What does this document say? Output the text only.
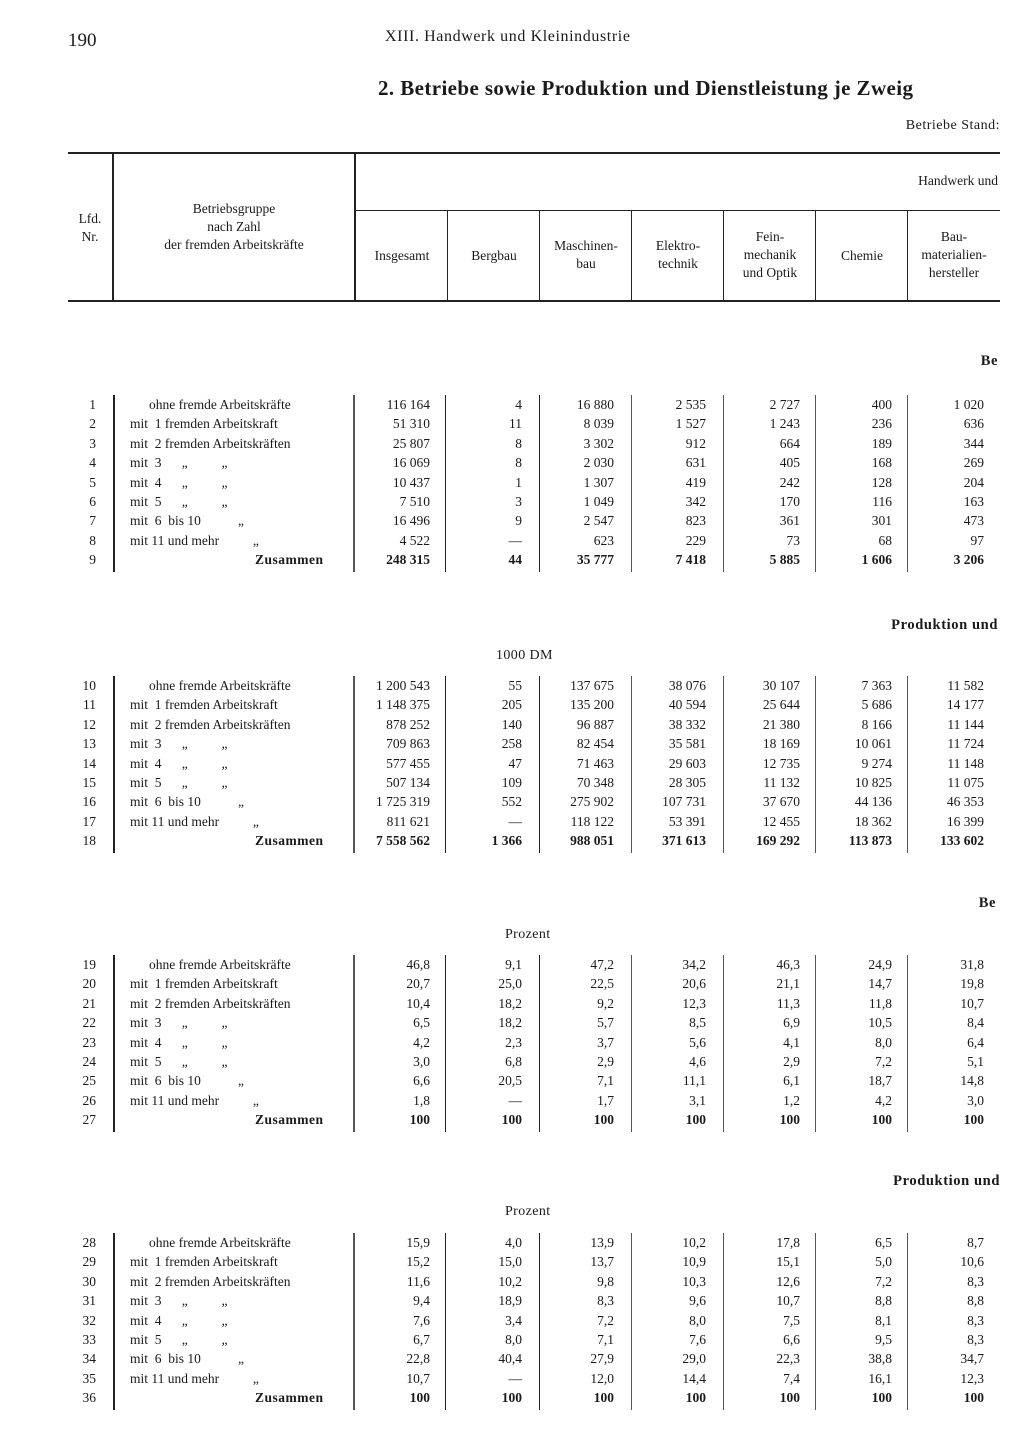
190	XIII. Handwerk und Kleinindustrie
2. Betriebe sowie Produktion und Dienstleistung je Zweig
Betriebe Stand:
Lfd.
Nr.
Betriebsgruppe
nach Zahl
der fremden Arbeitskräfte
Handwerk und
Insgesamt	Bergbau
Maschinen-
bau
Elektro-
technik
Fein-
mechanik
und Optik
Chemie
Bau-
materialien-
hersteller
Be
1	ohne fremde Arbeitskräfte	116 164	4	16 880	2 535	2 727	400	1 020
2	mit  1 fremden Arbeitskraft	51 310	11	8 039	1 527	1 243	236	636
3	mit  2 fremden Arbeitskräften	25 807	8	3 302	912	664	189	344
4	mit  3      „          „	16 069	8	2 030	631	405	168	269
5	mit  4      „          „	10 437	1	1 307	419	242	128	204
6	mit  5      „          „	7 510	3	1 049	342	170	116	163
7	mit  6  bis 10           „	16 496	9	2 547	823	361	301	473
8	mit 11 und mehr          „	4 522	—	623	229	73	68	97
9	Zusammen	248 315	44	35 777	7 418	5 885	1 606	3 206
Produktion und
1000 DM
10	ohne fremde Arbeitskräfte	1 200 543	55	137 675	38 076	30 107	7 363	11 582
11	mit  1 fremden Arbeitskraft	1 148 375	205	135 200	40 594	25 644	5 686	14 177
12	mit  2 fremden Arbeitskräften	878 252	140	96 887	38 332	21 380	8 166	11 144
13	mit  3      „          „	709 863	258	82 454	35 581	18 169	10 061	11 724
14	mit  4      „          „	577 455	47	71 463	29 603	12 735	9 274	11 148
15	mit  5      „          „	507 134	109	70 348	28 305	11 132	10 825	11 075
16	mit  6  bis 10           „	1 725 319	552	275 902	107 731	37 670	44 136	46 353
17	mit 11 und mehr          „	811 621	—	118 122	53 391	12 455	18 362	16 399
18	Zusammen	7 558 562	1 366	988 051	371 613	169 292	113 873	133 602
Be
Prozent
19	ohne fremde Arbeitskräfte	46,8	9,1	47,2	34,2	46,3	24,9	31,8
20	mit  1 fremden Arbeitskraft	20,7	25,0	22,5	20,6	21,1	14,7	19,8
21	mit  2 fremden Arbeitskräften	10,4	18,2	9,2	12,3	11,3	11,8	10,7
22	mit  3      „          „	6,5	18,2	5,7	8,5	6,9	10,5	8,4
23	mit  4      „          „	4,2	2,3	3,7	5,6	4,1	8,0	6,4
24	mit  5      „          „	3,0	6,8	2,9	4,6	2,9	7,2	5,1
25	mit  6  bis 10           „	6,6	20,5	7,1	11,1	6,1	18,7	14,8
26	mit 11 und mehr          „	1,8	—	1,7	3,1	1,2	4,2	3,0
27	Zusammen	100	100	100	100	100	100	100
Produktion und
Prozent
28	ohne fremde Arbeitskräfte	15,9	4,0	13,9	10,2	17,8	6,5	8,7
29	mit  1 fremden Arbeitskraft	15,2	15,0	13,7	10,9	15,1	5,0	10,6
30	mit  2 fremden Arbeitskräften	11,6	10,2	9,8	10,3	12,6	7,2	8,3
31	mit  3      „          „	9,4	18,9	8,3	9,6	10,7	8,8	8,8
32	mit  4      „          „	7,6	3,4	7,2	8,0	7,5	8,1	8,3
33	mit  5      „          „	6,7	8,0	7,1	7,6	6,6	9,5	8,3
34	mit  6  bis 10           „	22,8	40,4	27,9	29,0	22,3	38,8	34,7
35	mit 11 und mehr          „	10,7	—	12,0	14,4	7,4	16,1	12,3
36	Zusammen	100	100	100	100	100	100	100
